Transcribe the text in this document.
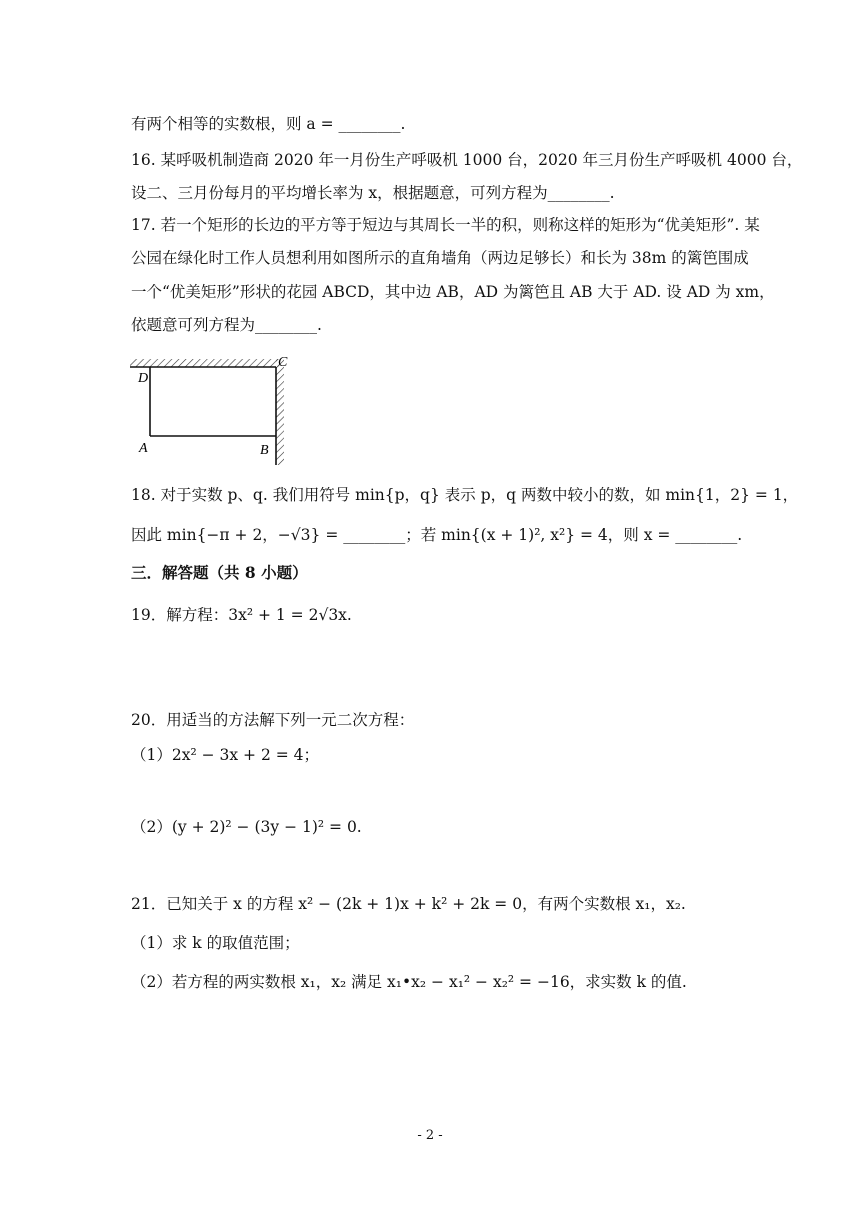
有两个相等的实数根，则 a = ________.
16. 某呼吸机制造商 2020 年一月份生产呼吸机 1000 台，2020 年三月份生产呼吸机 4000 台，
设二、三月份每月的平均增长率为 x，根据题意，可列方程为________.
17. 若一个矩形的长边的平方等于短边与其周长一半的积，则称这样的矩形为“优美矩形”. 某
公园在绿化时工作人员想利用如图所示的直角墙角（两边足够长）和长为 38m 的篱笆围成
一个“优美矩形”形状的花园 ABCD，其中边 AB，AD 为篱笆且 AB 大于 AD. 设 AD 为 xm，
依题意可列方程为________.
C
D
A	B
18. 对于实数 p、q. 我们用符号 min{p，q} 表示 p，q 两数中较小的数，如 min{1，2} = 1，
因此 min{−π + 2，−√3} = ________；若 min{(x + 1)², x²} = 4，则 x = ________.
三．解答题（共 8 小题）
19．解方程：3x² + 1 = 2√3x.
20．用适当的方法解下列一元二次方程：
（1）2x² − 3x + 2 = 4；
（2）(y + 2)² − (3y − 1)² = 0.
21．已知关于 x 的方程 x² − (2k + 1)x + k² + 2k = 0，有两个实数根 x₁，x₂.
（1）求 k 的取值范围；
（2）若方程的两实数根 x₁，x₂ 满足 x₁•x₂ − x₁² − x₂² = −16，求实数 k 的值.
- 2 -
